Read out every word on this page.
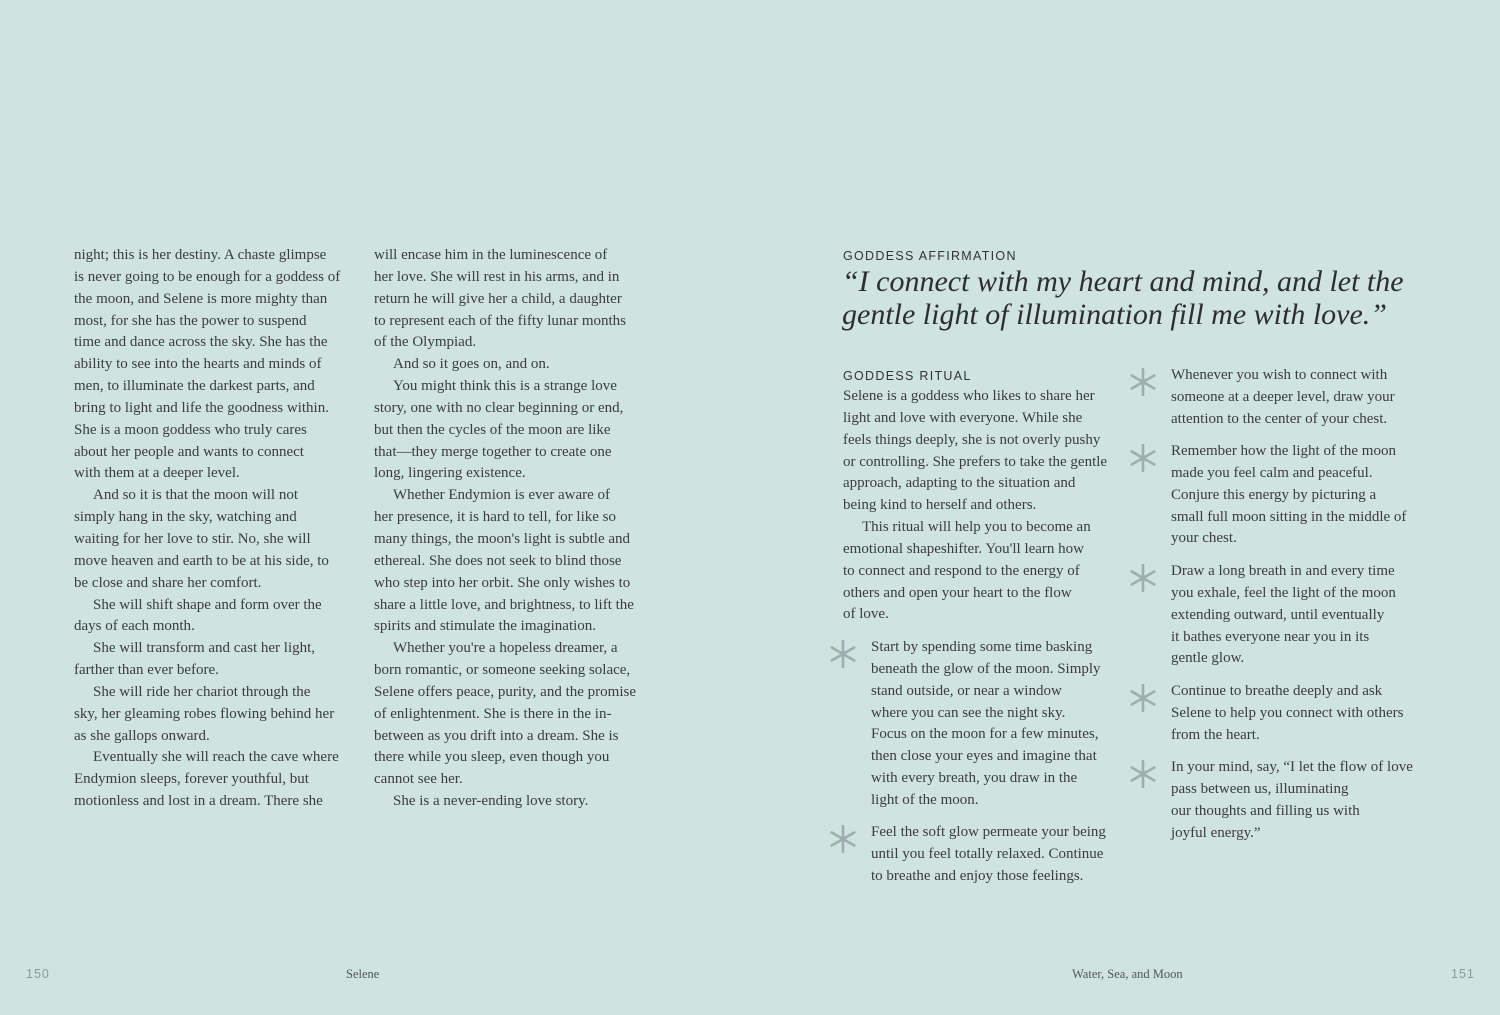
night; this is her destiny. A chaste glimpse
is never going to be enough for a goddess of
the moon, and Selene is more mighty than
most, for she has the power to suspend
time and dance across the sky. She has the
ability to see into the hearts and minds of
men, to illuminate the darkest parts, and
bring to light and life the goodness within.
She is a moon goddess who truly cares
about her people and wants to connect
with them at a deeper level.
And so it is that the moon will not
simply hang in the sky, watching and
waiting for her love to stir. No, she will
move heaven and earth to be at his side, to
be close and share her comfort.
She will shift shape and form over the
days of each month.
She will transform and cast her light,
farther than ever before.
She will ride her chariot through the
sky, her gleaming robes flowing behind her
as she gallops onward.
Eventually she will reach the cave where
Endymion sleeps, forever youthful, but
motionless and lost in a dream. There she
will encase him in the luminescence of
her love. She will rest in his arms, and in
return he will give her a child, a daughter
to represent each of the fifty lunar months
of the Olympiad.
And so it goes on, and on.
You might think this is a strange love
story, one with no clear beginning or end,
but then the cycles of the moon are like
that—they merge together to create one
long, lingering existence.
Whether Endymion is ever aware of
her presence, it is hard to tell, for like so
many things, the moon's light is subtle and
ethereal. She does not seek to blind those
who step into her orbit. She only wishes to
share a little love, and brightness, to lift the
spirits and stimulate the imagination.
Whether you're a hopeless dreamer, a
born romantic, or someone seeking solace,
Selene offers peace, purity, and the promise
of enlightenment. She is there in the in-
between as you drift into a dream. She is
there while you sleep, even though you
cannot see her.
She is a never-ending love story.
GODDESS AFFIRMATION
“I connect with my heart and mind, and let the
gentle light of illumination fill me with love.”
GODDESS RITUAL
Selene is a goddess who likes to share her
light and love with everyone. While she
feels things deeply, she is not overly pushy
or controlling. She prefers to take the gentle
approach, adapting to the situation and
being kind to herself and others.
This ritual will help you to become an
emotional shapeshifter. You'll learn how
to connect and respond to the energy of
others and open your heart to the flow
of love.
Start by spending some time basking
beneath the glow of the moon. Simply
stand outside, or near a window
where you can see the night sky.
Focus on the moon for a few minutes,
then close your eyes and imagine that
with every breath, you draw in the
light of the moon.
Feel the soft glow permeate your being
until you feel totally relaxed. Continue
to breathe and enjoy those feelings.
Whenever you wish to connect with
someone at a deeper level, draw your
attention to the center of your chest.
Remember how the light of the moon
made you feel calm and peaceful.
Conjure this energy by picturing a
small full moon sitting in the middle of
your chest.
Draw a long breath in and every time
you exhale, feel the light of the moon
extending outward, until eventually
it bathes everyone near you in its
gentle glow.
Continue to breathe deeply and ask
Selene to help you connect with others
from the heart.
In your mind, say, “I let the flow of love
pass between us, illuminating
our thoughts and filling us with
joyful energy.”
150	Selene	Water, Sea, and Moon	151
